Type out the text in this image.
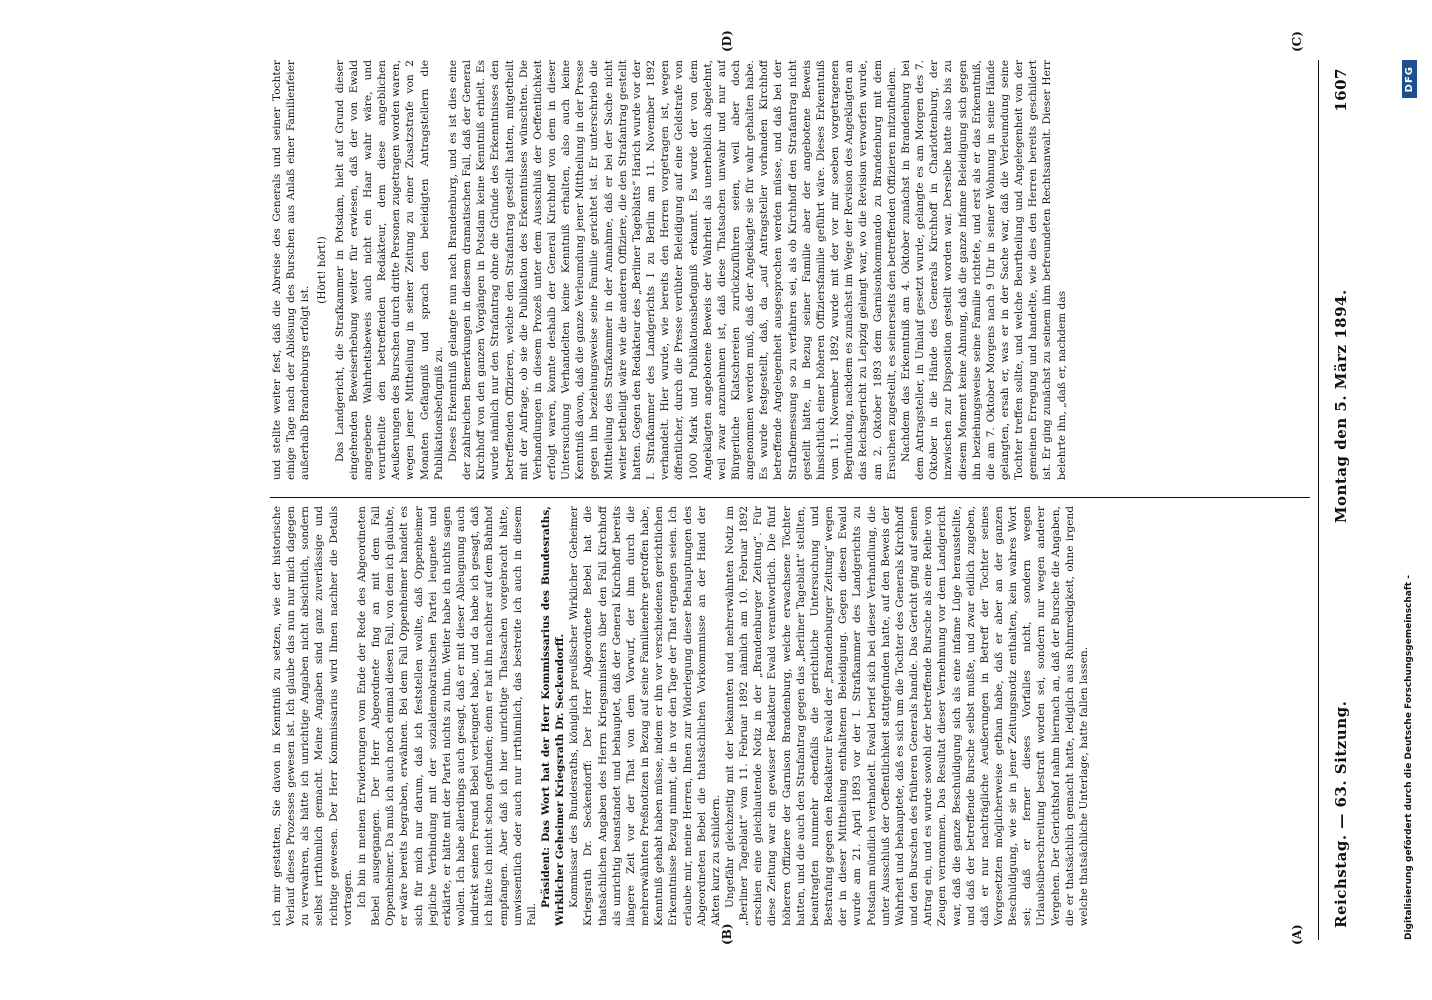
Reichstag. — 63. Sitzung.
Montag den 5. März 1894.
1607
(A)
(B)
(C)
(D)

ich mir gestatten, Sie davon in Kenntniß zu setzen, wie der historische Verlauf dieses Prozesses gewesen ist. Ich glaube das nun nur mich dagegen zu verwahren, als hätte ich unrichtige Angaben nicht absichtlich, sondern selbst irrthümlich gemacht. Meine Angaben sind ganz zuverlässige und richtige gewesen. Der Herr Kommissarius wird Ihnen nachher die Details vortragen. Ich bin in meinen Erwiderungen vom Ende der Rede des Abgeordneten Bebel ausgegangen. Der Herr Abgeordnete fing an mit dem Fall Oppenheimer. Da muß ich auch noch einmal diesen Fall, von dem ich glaubte, er wäre bereits begraben, erwähnen. Bei dem Fall Oppenheimer handelt es sich für mich nur darum, daß ich feststellen wollte, daß Oppenheimer jegliche Verbindung mit der sozialdemokratischen Partei leugnete und erklärte, er hätte mit der Partei nichts zu thun. Weiter habe ich nichts sagen wollen. Ich habe allerdings auch gesagt, daß er mit dieser Ableugnung auch indirekt seinen Freund Bebel verleugnet habe, und da habe ich gesagt, daß ich hätte ich nicht schon gefunden; denn er hat ihn nachher auf dem Bahnhof empfangen. Aber daß ich hier unrichtige Thatsachen vorgebracht hätte, unwissentlich oder auch nur irrthümlich, das bestreite ich auch in diesem Fall.

Präsident: Das Wort hat der Herr Kommissarius des Bundesraths, Wirklicher Geheimer Kriegsrath Dr. Seckendorff. Kommissar des Bundesraths, königlich preußischer Wirklicher Geheimer Kriegsrath Dr. Seckendorff: Der Herr Abgeordnete Bebel hat die thatsächlichen Angaben des Herrn Kriegsministers über den Fall Kirchhoff als unrichtig beanstandet und behauptet, daß der General Kirchhoff bereits längere Zeit vor der That von dem Vorwurf, der ihm durch die mehrerwähnten Preßnotizen in Bezug auf seine Familienehre getroffen habe, Kenntniß gehabt haben müsse, indem er ihn vor verschiedenen gerichtlichen Erkenntnisse Bezug nimmt, die in vor den Tage der That ergangen seien. Ich erlaube mir, meine Herren, Ihnen zur Widerlegung dieser Behauptungen des Abgeordneten Bebel die thatsächlichen Vorkommnisse an der Hand der Akten kurz zu schildern. Ungefähr gleichzeitig mit der bekannten und mehrerwähnten Notiz im „Berliner Tageblatt“ vom 11. Februar 1892 nämlich am 10. Februar 1892 erschien eine gleichlautende Notiz in der „Brandenburger Zeitung“. Für diese Zeitung war ein gewisser Redakteur Ewald verantwortlich. Die fünf höheren Offiziere der Garnison Brandenburg, welche erwachsene Töchter hatten, und die auch den Strafantrag gegen das „Berliner Tageblatt“ stellten, beantragten nunmehr ebenfalls die gerichtliche Untersuchung und Bestrafung gegen den Redakteur Ewald der „Brandenburger Zeitung“ wegen der in dieser Mittheilung enthaltenen Beleidigung. Gegen diesen Ewald wurde am 21. April 1893 vor der I. Strafkammer des Landgerichts zu Potsdam mündlich verhandelt. Ewald berief sich bei dieser Verhandlung, die unter Ausschluß der Oeffentlichkeit stattgefunden hatte, auf den Beweis der Wahrheit und behauptete, daß es sich um die Tochter des Generals Kirchhoff und den Burschen des früheren Generals handle. Das Gericht ging auf seinen Antrag ein, und es wurde sowohl der betreffende Bursche als eine Reihe von Zeugen vernommen. Das Resultat dieser Vernehmung vor dem Landgericht war, daß die ganze Beschuldigung sich als eine infame Lüge herausstellte, und daß der betreffende Bursche selbst mußte, und zwar eidlich zugeben, daß er nur nachträgliche Aeußerungen in Betreff der Tochter seines Vorgesetzten möglicherweise gethan habe, daß er aber an der ganzen Beschuldigung, wie sie in jener Zeitungsnotiz enthalten, kein wahres Wort sei; daß er ferner dieses Vorfalles nicht, sondern wegen Urlaubsüberschreitung bestraft worden sei, sondern nur wegen anderer Vergehen. Der Gerichtshof nahm hiernach an, daß der Bursche die Angaben, die er thatsächlich gemacht hatte, lediglich aus Ruhmredigkeit, ohne irgend welche thatsächliche Unterlage, hatte fallen lassen.

und stellte weiter fest, daß die Abreise des Generals und seiner Tochter einige Tage nach der Ablösung des Burschen aus Anlaß einer Familienfeier außerhalb Brandenburgs erfolgt ist.

(Hört! hört!) Das Landgericht, die Strafkammer in Potsdam, hielt auf Grund dieser eingehenden Beweiserhebung weiter für erwiesen, daß der von Ewald angegebene Wahrheitsbeweis auch nicht ein Haar wahr wäre, und verurtheilte den betreffenden Redakteur, dem diese angeblichen Aeußerungen des Burschen durch dritte Personen zugetragen worden waren, wegen jener Mittheilung in seiner Zeitung zu einer Zusatzstrafe von 2 Monaten Gefängniß und sprach den beleidigten Antragstellern die Publikationsbefugniß zu. Dieses Erkenntniß gelangte nun nach Brandenburg, und es ist dies eine der zahlreichen Bemerkungen in diesem dramatischen Fall, daß der General Kirchhoff von den ganzen Vorgängen in Potsdam keine Kenntniß erhielt. Es wurde nämlich nur den Strafantrag ohne die Gründe des Erkenntnisses den betreffenden Offizieren, welche den Strafantrag gestellt hatten, mitgetheilt mit der Anfrage, ob sie die Publikation des Erkenntnisses wünschten. Die Verhandlungen in diesem Prozeß unter dem Ausschluß der Oeffentlichkeit erfolgt waren, konnte deshalb der General Kirchhoff von dem in dieser Untersuchung Verhandelten keine Kenntniß erhalten, also auch keine Kenntniß davon, daß die ganze Verleumdung jener Mittheilung in der Presse gegen ihn beziehungsweise seine Familie gerichtet ist. Er unterschrieb die Mittheilung des Strafkammer in der Annahme, daß er bei der Sache nicht weiter betheiligt wäre wie die anderen Offiziere, die den Strafantrag gestellt hatten. Gegen den Redakteur des „Berliner Tageblatts“ Harich wurde vor der I. Strafkammer des Landgerichts I zu Berlin am 11. November 1892 verhandelt. Hier wurde, wie bereits den Herren vorgetragen ist, wegen öffentlicher, durch die Presse verübter Beleidigung auf eine Geldstrafe von 1000 Mark und Publikationsbefugniß erkannt. Es wurde der von dem Angeklagten angebotene Beweis der Wahrheit als unerheblich abgelehnt, weil zwar anzunehmen ist, daß diese Thatsachen unwahr und nur auf Bürgerliche Klatschereien zurückzuführen seien, weil aber doch angenommen werden muß, daß der Angeklagte sie für wahr gehalten habe. Es wurde festgestellt, daß, da „auf Antragsteller vorhanden Kirchhoff betreffende Angelegenheit ausgesprochen werden müsse, und daß bei der Strafbemessung so zu verfahren sei, als ob Kirchhoff den Strafantrag nicht gestellt hätte, in Bezug seiner Familie aber der angebotene Beweis hinsichtlich einer höheren Offiziersfamilie geführt wäre. Dieses Erkenntniß vom 11. November 1892 wurde mit der vor mir soeben vorgetragenen Begründung, nachdem es zunächst im Wege der Revision des Angeklagten an das Reichsgericht zu Leipzig gelangt war, wo die Revision verworfen wurde, am 2. Oktober 1893 dem Garnisonkommando zu Brandenburg mit dem Ersuchen zugestellt, es seinerseits den betreffenden Offizieren mitzutheilen. Nachdem das Erkenntniß am 4. Oktober zunächst in Brandenburg bei dem Antragsteller, in Umlauf gesetzt wurde, gelangte es am Morgen des 7. Oktober in die Hände des Generals Kirchhoff in Charlottenburg, der inzwischen zur Disposition gestellt worden war. Derselbe hatte also bis zu diesem Moment keine Ahnung, daß die ganze infame Beleidigung sich gegen ihn beziehungsweise seine Familie richtete, und erst als er das Erkenntniß, die am 7. Oktober Morgens nach 9 Uhr in seiner Wohnung in seine Hände gelangten, ersah er, was er in der Sache war, daß die Verleumdung seine Tochter treffen sollte, und welche Beurtheilung und Angelegenheit von der gemeinen Erregung und handelte, wie dies den Herren bereits geschildert ist. Er ging zunächst zu seinem ihm befreundeten Rechtsanwalt. Dieser Herr belehrte ihn, „daß er, nachdem das

Digitalisierung gefördert durch die Deutsche Forschungsgemeinschaft -
DFG
